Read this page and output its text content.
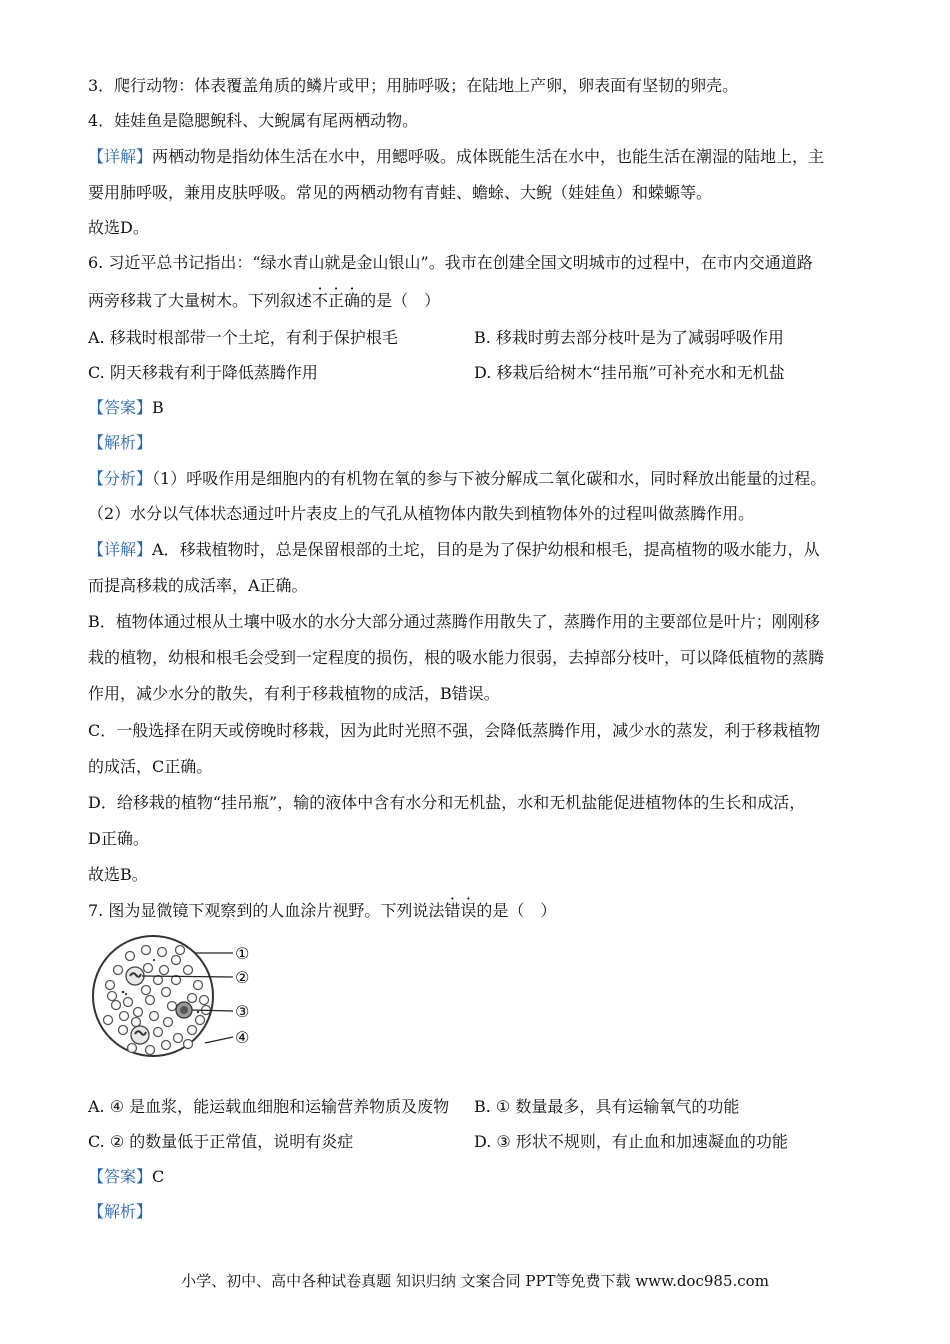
3．爬行动物：体表覆盖角质的鳞片或甲；用肺呼吸；在陆地上产卵，卵表面有坚韧的卵壳。
4．娃娃鱼是隐腮鲵科、大鲵属有尾两栖动物。
【详解】两栖动物是指幼体生活在水中，用鳃呼吸。成体既能生活在水中，也能生活在潮湿的陆地上，主
要用肺呼吸，兼用皮肤呼吸。常见的两栖动物有青蛙、蟾蜍、大鲵（娃娃鱼）和蝾螈等。
故选D。
6. 习近平总书记指出：“绿水青山就是金山银山”。我市在创建全国文明城市的过程中，在市内交通道路
两旁移栽了大量树木。下列叙述不正确的是（　）
A. 移栽时根部带一个土坨，有利于保护根毛	B. 移栽时剪去部分枝叶是为了减弱呼吸作用
C. 阴天移栽有利于降低蒸腾作用	D. 移栽后给树木“挂吊瓶”可补充水和无机盐
【答案】B
【解析】
【分析】（1）呼吸作用是细胞内的有机物在氧的参与下被分解成二氧化碳和水，同时释放出能量的过程。
（2）水分以气体状态通过叶片表皮上的气孔从植物体内散失到植物体外的过程叫做蒸腾作用。
【详解】A．移栽植物时，总是保留根部的土坨，目的是为了保护幼根和根毛，提高植物的吸水能力，从
而提高移栽的成活率，A正确。
B．植物体通过根从土壤中吸水的水分大部分通过蒸腾作用散失了，蒸腾作用的主要部位是叶片；刚刚移
栽的植物，幼根和根毛会受到一定程度的损伤，根的吸水能力很弱，去掉部分枝叶，可以降低植物的蒸腾
作用，减少水分的散失，有利于移栽植物的成活，B错误。
C．一般选择在阴天或傍晚时移栽，因为此时光照不强，会降低蒸腾作用，减少水的蒸发，利于移栽植物
的成活，C正确。
D．给移栽的植物“挂吊瓶”，输的液体中含有水分和无机盐，水和无机盐能促进植物体的生长和成活，
D正确。
故选B。
7. 图为显微镜下观察到的人血涂片视野。下列说法错误的是（　）
①
②
③
④
A. ④ 是血浆，能运载血细胞和运输营养物质及废物 B. ① 数量最多，具有运输氧气的功能
C. ② 的数量低于正常值，说明有炎症	D. ③ 形状不规则，有止血和加速凝血的功能
【答案】C
【解析】
小学、初中、高中各种试卷真题 知识归纳 文案合同 PPT等免费下载 www.doc985.com
